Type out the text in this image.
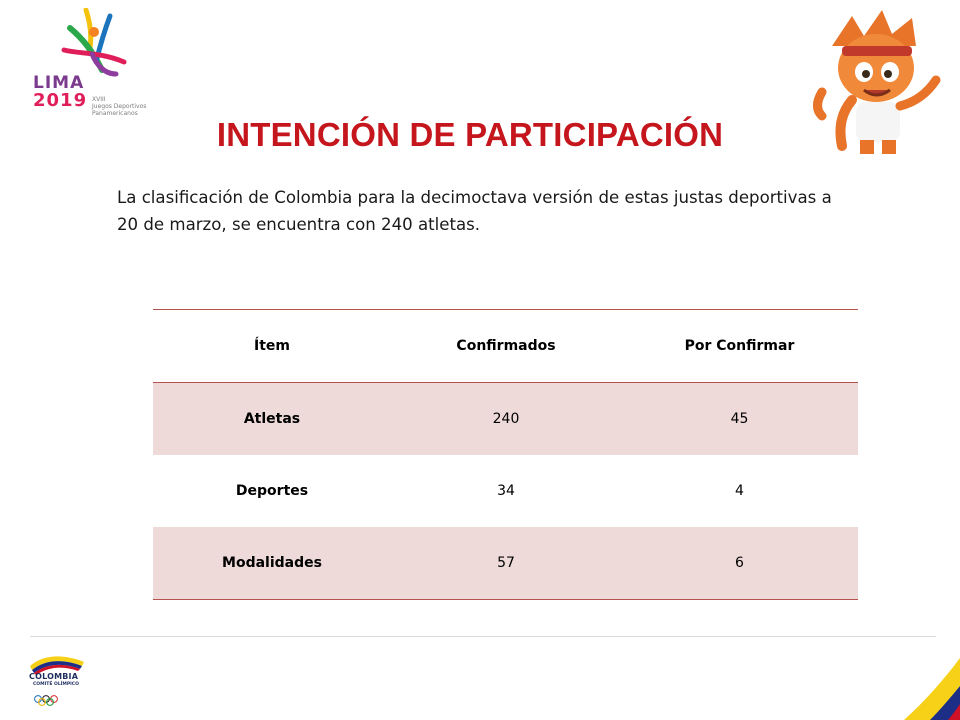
LIMA
2019 XVIII
Juegos Deportivos
Panamericanos
INTENCIÓN DE PARTICIPACIÓN
La clasificación de Colombia para la decimoctava versión de estas justas deportivas a 20 de marzo, se encuentra con 240 atletas.
Ítem	Confirmados	Por Confirmar
Atletas	240	45
Deportes	34	4
Modalidades	57	6
COLOMBIA
COMITÉ OLÍMPICO
